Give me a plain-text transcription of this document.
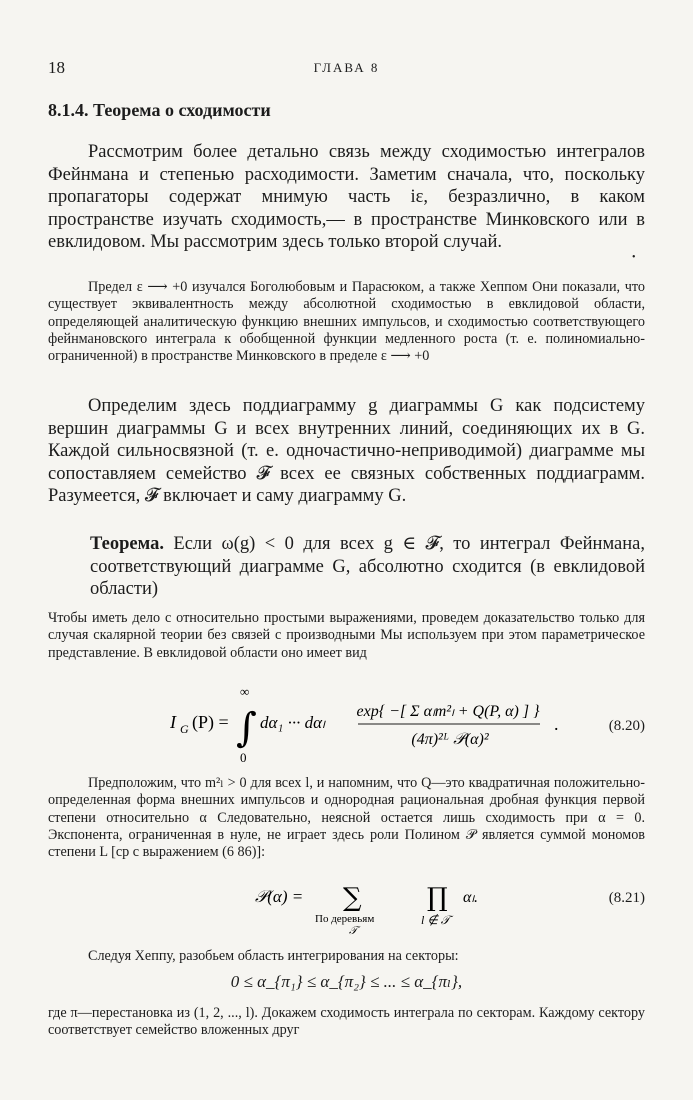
18	ГЛАВА 8
8.1.4. Теорема о сходимости
Рассмотрим более детально связь между сходимостью интегралов Фейнмана и степенью расходимости. Заметим сначала, что, поскольку пропагаторы содержат мнимую часть iε, безразлично, в каком пространстве изучать сходимость,— в пространстве Минковского или в евклидовом. Мы рассмотрим здесь только второй случай.
•
Предел ε ⟶ +0 изучался Боголюбовым и Парасюком, а также Хеппом Они показали, что существует эквивалентность между абсолютной сходимостью в евклидовой области, определяющей аналитическую функцию внешних импульсов, и сходимостью соответствующего фейнмановского интеграла к обобщенной функции медленного роста (т. е. полиномиально-ограниченной) в пространстве Минковского в пределе ε ⟶ +0
Определим здесь поддиаграмму g диаграммы G как подсистему вершин диаграммы G и всех внутренних линий, соединяющих их в G. Каждой сильносвязной (т. е. одночастично-неприводимой) диаграмме мы сопоставляем семейство 𝓕 всех ее связных собственных поддиаграмм. Разумеется, 𝓕 включает и саму диаграмму G.
Теорема. Если ω(g) < 0 для всех g ∈ 𝓕, то интеграл Фейнмана, соответствующий диаграмме G, абсолютно сходится (в евклидовой области)
Чтобы иметь дело с относительно простыми выражениями, проведем доказательство только для случая скалярной теории без связей с производными Мы используем при этом параметрическое представление. В евклидовой области оно имеет вид
I G (P) =
∞
∫
0
dα₁ ··· dαₗ
exp{ −[ Σ αₗm²ₗ + Q(P, α) ] }
(4π)²ᴸ 𝒫(α)²
.	(8.20)
Предположим, что m²ₗ > 0 для всех l, и напомним, что Q—это квадратичная положительно-определенная форма внешних импульсов и однородная рациональная дробная функция первой степени относительно α Следовательно, неясной остается лишь сходимость при α = 0. Экспонента, ограниченная в нуле, не играет здесь роли Полином 𝒫 является суммой мономов степени L [ср с выражением (6 86)]:
𝒫(α) = ∑
По деревьям
𝒯
∏
l ∉ 𝒯
αₗ.	(8.21)
Следуя Хеппу, разобьем область интегрирования на секторы:
0 ≤ α_{π₁} ≤ α_{π₂} ≤ ... ≤ α_{πₗ},
где π—перестановка из (1, 2, ..., l). Докажем сходимость интеграла по секторам. Каждому сектору соответствует семейство вложенных друг
